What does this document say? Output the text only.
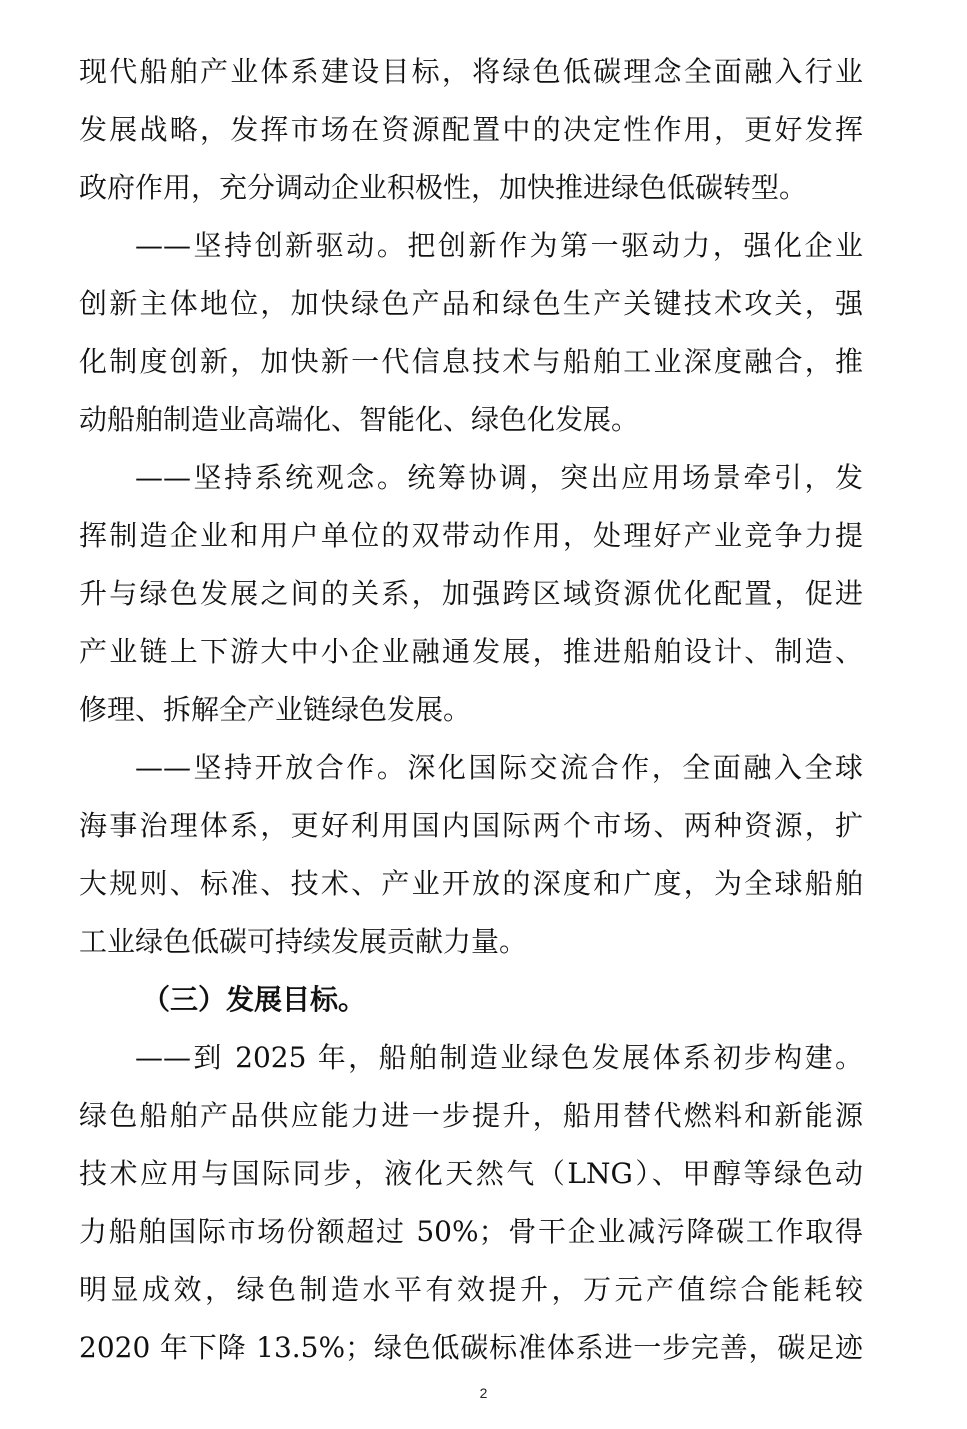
现代船舶产业体系建设目标，将绿色低碳理念全面融入行业
发展战略，发挥市场在资源配置中的决定性作用，更好发挥
政府作用，充分调动企业积极性，加快推进绿色低碳转型。
——坚持创新驱动。把创新作为第一驱动力，强化企业
创新主体地位，加快绿色产品和绿色生产关键技术攻关，强
化制度创新，加快新一代信息技术与船舶工业深度融合，推
动船舶制造业高端化、智能化、绿色化发展。
——坚持系统观念。统筹协调，突出应用场景牵引，发
挥制造企业和用户单位的双带动作用，处理好产业竞争力提
升与绿色发展之间的关系，加强跨区域资源优化配置，促进
产业链上下游大中小企业融通发展，推进船舶设计、制造、
修理、拆解全产业链绿色发展。
——坚持开放合作。深化国际交流合作，全面融入全球
海事治理体系，更好利用国内国际两个市场、两种资源，扩
大规则、标准、技术、产业开放的深度和广度，为全球船舶
工业绿色低碳可持续发展贡献力量。
（三）发展目标。
——到 2025 年，船舶制造业绿色发展体系初步构建。
绿色船舶产品供应能力进一步提升，船用替代燃料和新能源
技术应用与国际同步，液化天然气（LNG）、甲醇等绿色动
力船舶国际市场份额超过 50%；骨干企业减污降碳工作取得
明显成效，绿色制造水平有效提升，万元产值综合能耗较
2020 年下降 13.5%；绿色低碳标准体系进一步完善，碳足迹
2
